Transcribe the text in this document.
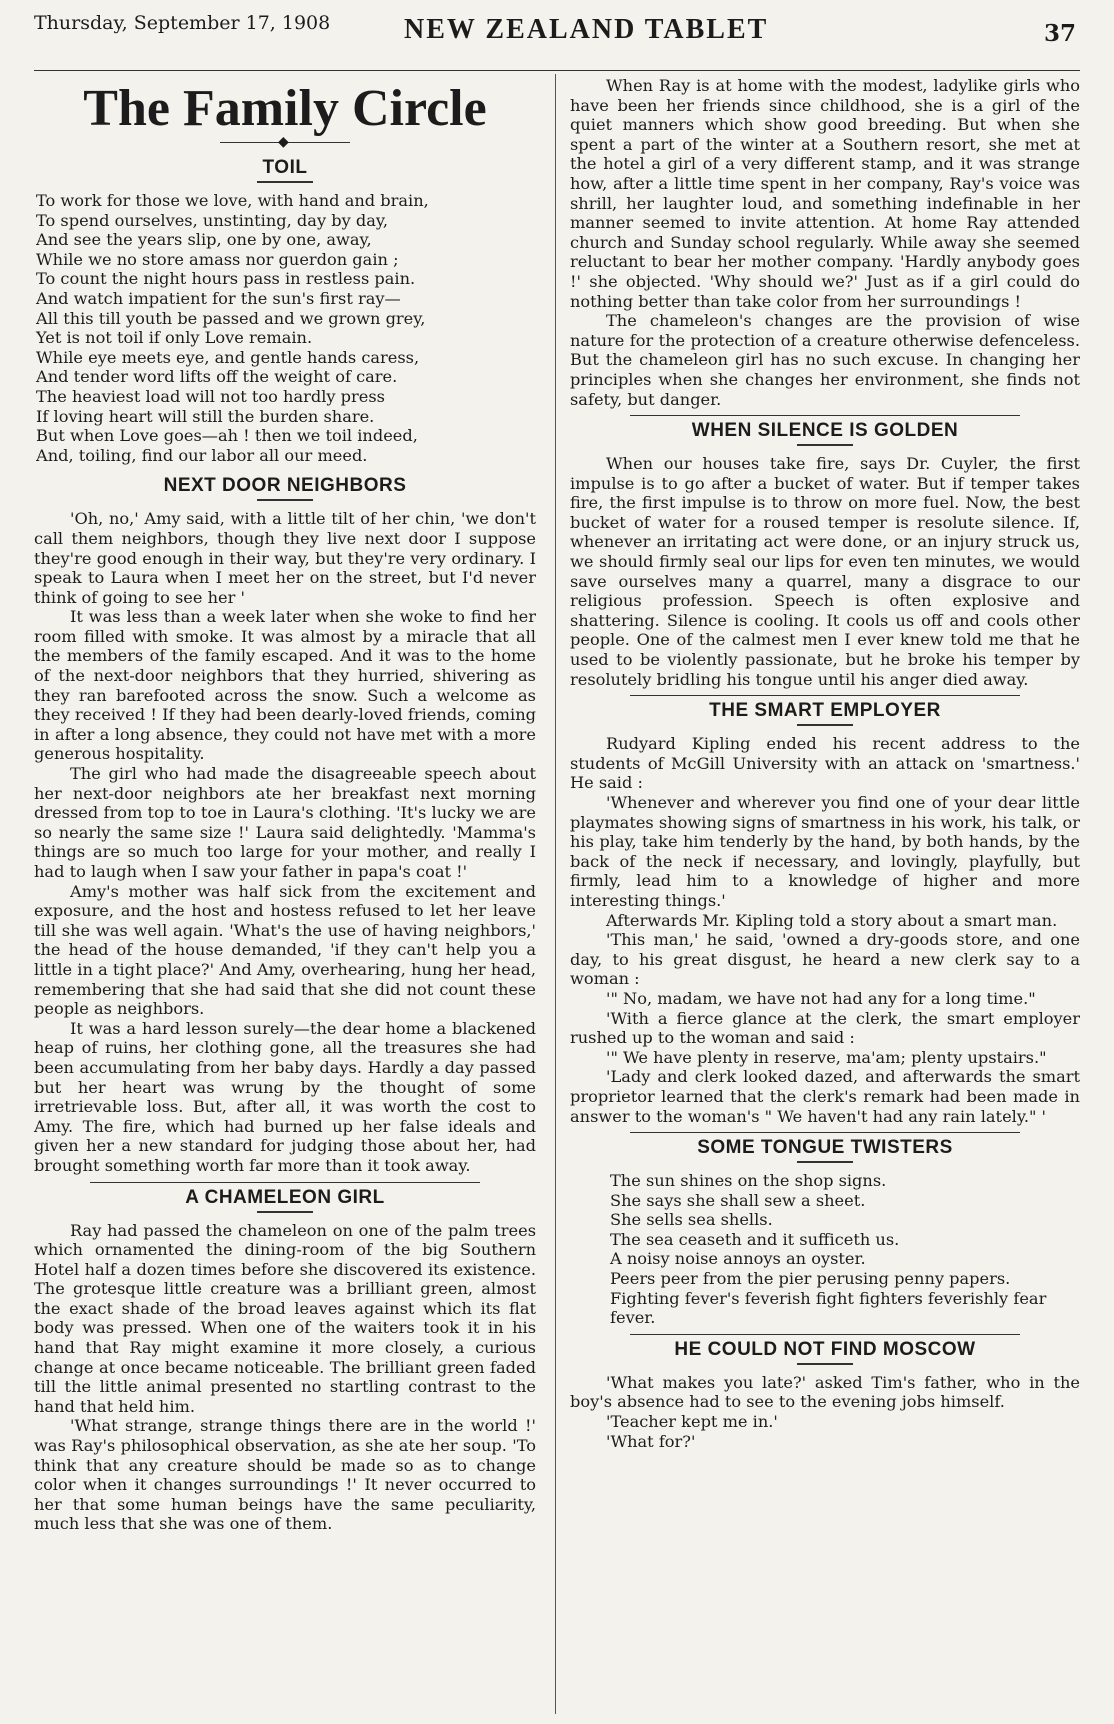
Thursday, September 17, 1908	NEW ZEALAND TABLET	37
The Family Circle
◆
TOIL
To work for those we love, with hand and brain,
To spend ourselves, unstinting, day by day,
And see the years slip, one by one, away,
While we no store amass nor guerdon gain ;
To count the night hours pass in restless pain.
And watch impatient for the sun's first ray—
All this till youth be passed and we grown grey,
Yet is not toil if only Love remain.
While eye meets eye, and gentle hands caress,
And tender word lifts off the weight of care.
The heaviest load will not too hardly press
If loving heart will still the burden share.
But when Love goes—ah ! then we toil indeed,
And, toiling, find our labor all our meed.
NEXT DOOR NEIGHBORS

'Oh, no,' Amy said, with a little tilt of her chin, 'we don't call them neighbors, though they live next door I suppose they're good enough in their way, but they're very ordinary. I speak to Laura when I meet her on the street, but I'd never think of going to see her '

It was less than a week later when she woke to find her room filled with smoke. It was almost by a miracle that all the members of the family escaped. And it was to the home of the next-door neighbors that they hurried, shivering as they ran barefooted across the snow. Such a welcome as they received ! If they had been dearly-loved friends, coming in after a long absence, they could not have met with a more generous hospitality.

The girl who had made the disagreeable speech about her next-door neighbors ate her breakfast next morning dressed from top to toe in Laura's clothing. 'It's lucky we are so nearly the same size !' Laura said delightedly. 'Mamma's things are so much too large for your mother, and really I had to laugh when I saw your father in papa's coat !'

Amy's mother was half sick from the excitement and exposure, and the host and hostess refused to let her leave till she was well again. 'What's the use of having neighbors,' the head of the house demanded, 'if they can't help you a little in a tight place?' And Amy, overhearing, hung her head, remembering that she had said that she did not count these people as neighbors.

It was a hard lesson surely—the dear home a blackened heap of ruins, her clothing gone, all the treasures she had been accumulating from her baby days. Hardly a day passed but her heart was wrung by the thought of some irretrievable loss. But, after all, it was worth the cost to Amy. The fire, which had burned up her false ideals and given her a new standard for judging those about her, had brought something worth far more than it took away.

A CHAMELEON GIRL

Ray had passed the chameleon on one of the palm trees which ornamented the dining-room of the big Southern Hotel half a dozen times before she discovered its existence. The grotesque little creature was a brilliant green, almost the exact shade of the broad leaves against which its flat body was pressed. When one of the waiters took it in his hand that Ray might examine it more closely, a curious change at once became noticeable. The brilliant green faded till the little animal presented no startling contrast to the hand that held him.

'What strange, strange things there are in the world !' was Ray's philosophical observation, as she ate her soup. 'To think that any creature should be made so as to change color when it changes surroundings !' It never occurred to her that some human beings have the same peculiarity, much less that she was one of them.

When Ray is at home with the modest, ladylike girls who have been her friends since childhood, she is a girl of the quiet manners which show good breeding. But when she spent a part of the winter at a Southern resort, she met at the hotel a girl of a very different stamp, and it was strange how, after a little time spent in her company, Ray's voice was shrill, her laughter loud, and something indefinable in her manner seemed to invite attention. At home Ray attended church and Sunday school regularly. While away she seemed reluctant to bear her mother company. 'Hardly anybody goes !' she objected. 'Why should we?' Just as if a girl could do nothing better than take color from her surroundings !

The chameleon's changes are the provision of wise nature for the protection of a creature otherwise defenceless. But the chameleon girl has no such excuse. In changing her principles when she changes her environment, she finds not safety, but danger.

WHEN SILENCE IS GOLDEN

When our houses take fire, says Dr. Cuyler, the first impulse is to go after a bucket of water. But if temper takes fire, the first impulse is to throw on more fuel. Now, the best bucket of water for a roused temper is resolute silence. If, whenever an irritating act were done, or an injury struck us, we should firmly seal our lips for even ten minutes, we would save ourselves many a quarrel, many a disgrace to our religious profession. Speech is often explosive and shattering. Silence is cooling. It cools us off and cools other people. One of the calmest men I ever knew told me that he used to be violently passionate, but he broke his temper by resolutely bridling his tongue until his anger died away.

THE SMART EMPLOYER

Rudyard Kipling ended his recent address to the students of McGill University with an attack on 'smartness.' He said :

'Whenever and wherever you find one of your dear little playmates showing signs of smartness in his work, his talk, or his play, take him tenderly by the hand, by both hands, by the back of the neck if necessary, and lovingly, playfully, but firmly, lead him to a knowledge of higher and more interesting things.'

Afterwards Mr. Kipling told a story about a smart man.

'This man,' he said, 'owned a dry-goods store, and one day, to his great disgust, he heard a new clerk say to a woman :

'" No, madam, we have not had any for a long time."

'With a fierce glance at the clerk, the smart employer rushed up to the woman and said :

'" We have plenty in reserve, ma'am; plenty upstairs."

'Lady and clerk looked dazed, and afterwards the smart proprietor learned that the clerk's remark had been made in answer to the woman's " We haven't had any rain lately." '

SOME TONGUE TWISTERS
The sun shines on the shop signs.
She says she shall sew a sheet.
She sells sea shells.
The sea ceaseth and it sufficeth us.
A noisy noise annoys an oyster.
Peers peer from the pier perusing penny papers.
Fighting fever's feverish fight fighters feverishly fear fever.
HE COULD NOT FIND MOSCOW

'What makes you late?' asked Tim's father, who in the boy's absence had to see to the evening jobs himself.

'Teacher kept me in.'

'What for?'
